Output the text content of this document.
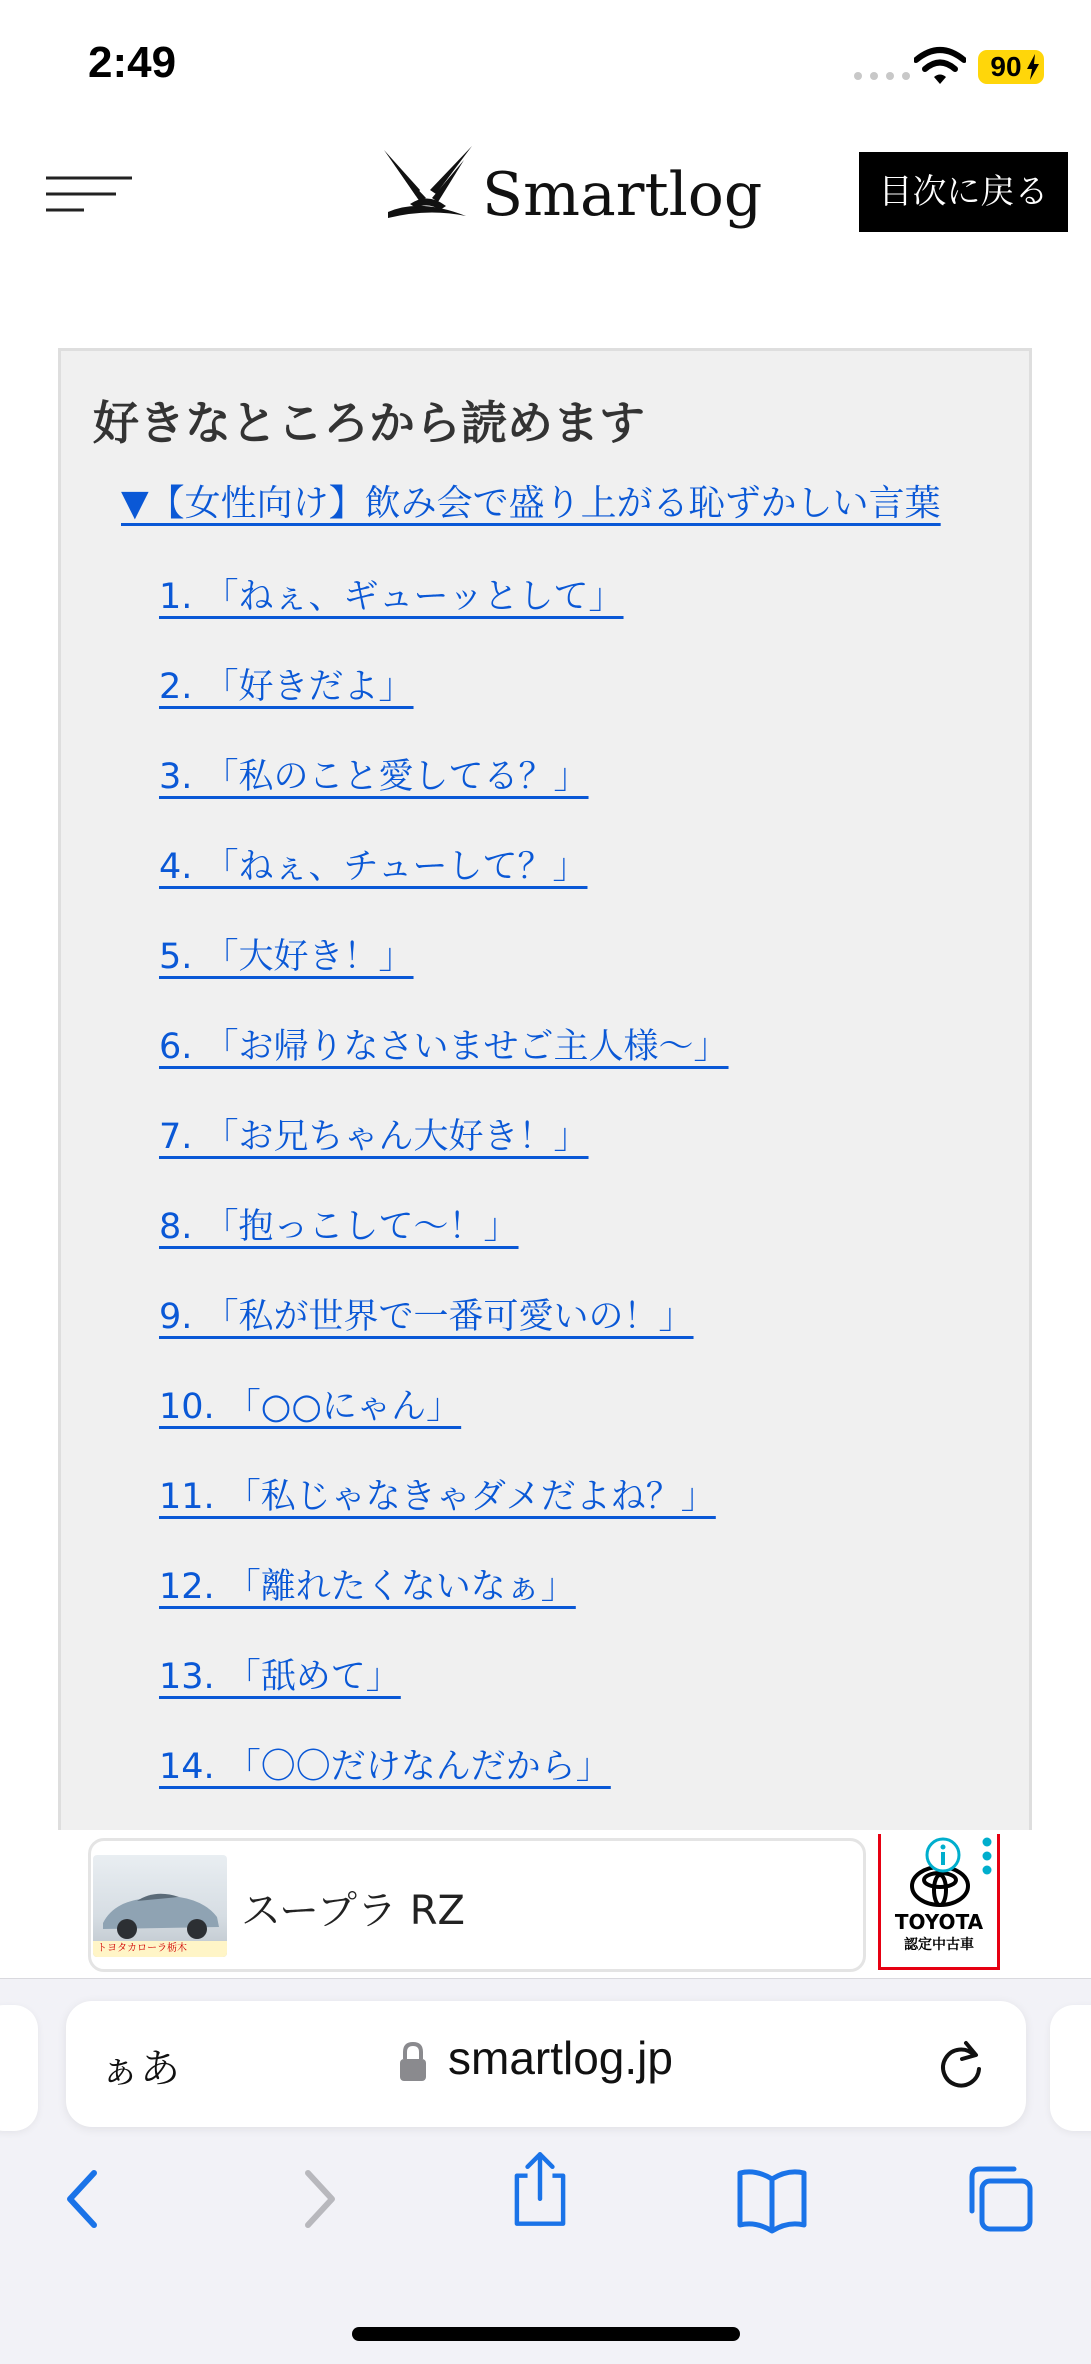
2:49	90
Smartlog	目次に戻る
好きなところから読めます
▼【女性向け】飲み会で盛り上がる恥ずかしい言葉
1. 「ねぇ、ギューッとして」
2. 「好きだよ」
3. 「私のこと愛してる？」
4. 「ねぇ、チューして？」
5. 「大好き！」
6. 「お帰りなさいませご主人様〜」
7. 「お兄ちゃん大好き！」
8. 「抱っこして〜！」
9. 「私が世界で一番可愛いの！」
10. 「○○にゃん」
11. 「私じゃなきゃダメだよね？」
12. 「離れたくないなぁ」
13. 「舐めて」
14. 「〇〇だけなんだから」
トヨタカローラ栃木
スープラ RZ	TOYOTA
認定中古車
ぁあ	smartlog.jp
